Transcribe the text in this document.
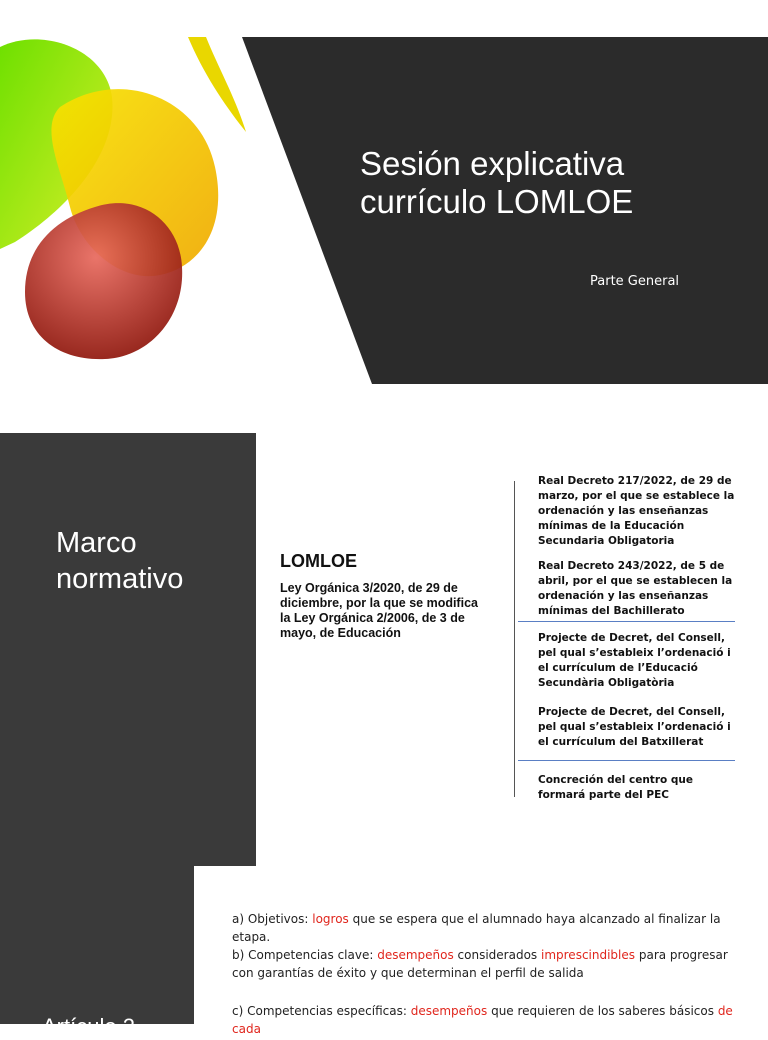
Sesión explicativa
currículo LOMLOE
Parte General
Marco
normativo
LOMLOE

Ley Orgánica 3/2020, de 29 de diciembre, por la que se modifica la Ley Orgánica 2/2006, de 3 de mayo, de Educación

Real Decreto 217/2022, de 29 de marzo, por el que se establece la ordenación y las enseñanzas mínimas de la Educación Secundaria Obligatoria

Real Decreto 243/2022, de 5 de abril, por el que se establecen la ordenación y las enseñanzas mínimas del Bachillerato

Projecte de Decret, del Consell, pel qual s’estableix l’ordenació i el currículum de l’Educació Secundària Obligatòria

Projecte de Decret, del Consell, pel qual s’estableix l’ordenació i el currículum del Batxillerat

Concreción del centro que formará parte del PEC

Artículo 2

a) Objetivos: logros que se espera que el alumnado haya alcanzado al finalizar la etapa.

b) Competencias clave: desempeños considerados imprescindibles para progresar con garantías de éxito y que determinan el perfil de salida

c) Competencias específicas: desempeños que requieren de los saberes básicos de cada
